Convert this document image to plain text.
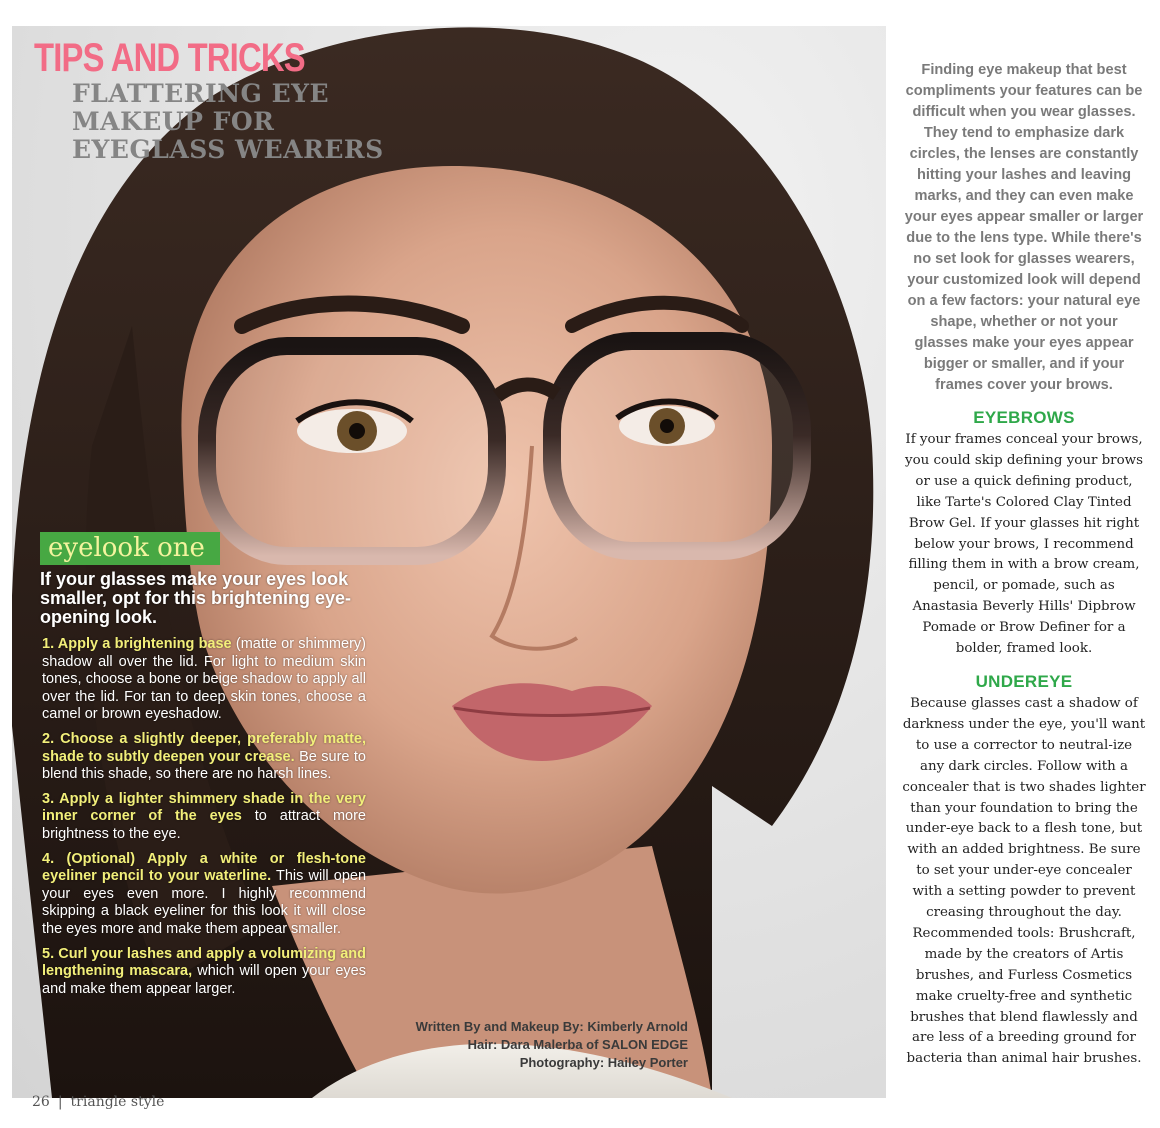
TIPS AND TRICKS
FLATTERING EYE
MAKEUP FOR
EYEGLASS WEARERS
eyelook one
If your glasses make your eyes look smaller, opt for this brightening eye-opening look.

1. Apply a brightening base (matte or shimmery) shadow all over the lid. For light to medium skin tones, choose a bone or beige shadow to apply all over the lid. For tan to deep skin tones, choose a camel or brown eyeshadow.

2. Choose a slightly deeper, preferably matte, shade to subtly deepen your crease. Be sure to blend this shade, so there are no harsh lines.

3. Apply a lighter shimmery shade in the very inner corner of the eyes to attract more brightness to the eye.

4. (Optional) Apply a white or flesh-tone eyeliner pencil to your waterline. This will open your eyes even more. I highly recommend skipping a black eyeliner for this look it will close the eyes more and make them appear smaller.

5. Curl your lashes and apply a volumizing and lengthening mascara, which will open your eyes and make them appear larger.

Written By and Makeup By: Kimberly Arnold
Hair: Dara Malerba of SALON EDGE
Photography: Hailey Porter
26 | triangle style
Finding eye makeup that best compliments your features can be difficult when you wear glasses. They tend to emphasize dark circles, the lenses are constantly hitting your lashes and leaving marks, and they can even make your eyes appear smaller or larger due to the lens type. While there's no set look for glasses wearers, your customized look will depend on a few factors: your natural eye shape, whether or not your glasses make your eyes appear bigger or smaller, and if your frames cover your brows.
EYEBROWS
If your frames conceal your brows, you could skip defining your brows or use a quick defining product, like Tarte's Colored Clay Tinted Brow Gel. If your glasses hit right below your brows, I recommend filling them in with a brow cream, pencil, or pomade, such as Anastasia Beverly Hills' Dipbrow Pomade or Brow Definer for a bolder, framed look.
UNDEREYE
Because glasses cast a shadow of darkness under the eye, you'll want to use a corrector to neutral-ize any dark circles. Follow with a concealer that is two shades lighter than your foundation to bring the under-eye back to a flesh tone, but with an added brightness. Be sure to set your under-eye concealer with a setting powder to prevent creasing throughout the day. Recommended tools: Brushcraft, made by the creators of Artis brushes, and Furless Cosmetics make cruelty-free and synthetic brushes that blend flawlessly and are less of a breeding ground for bacteria than animal hair brushes.
